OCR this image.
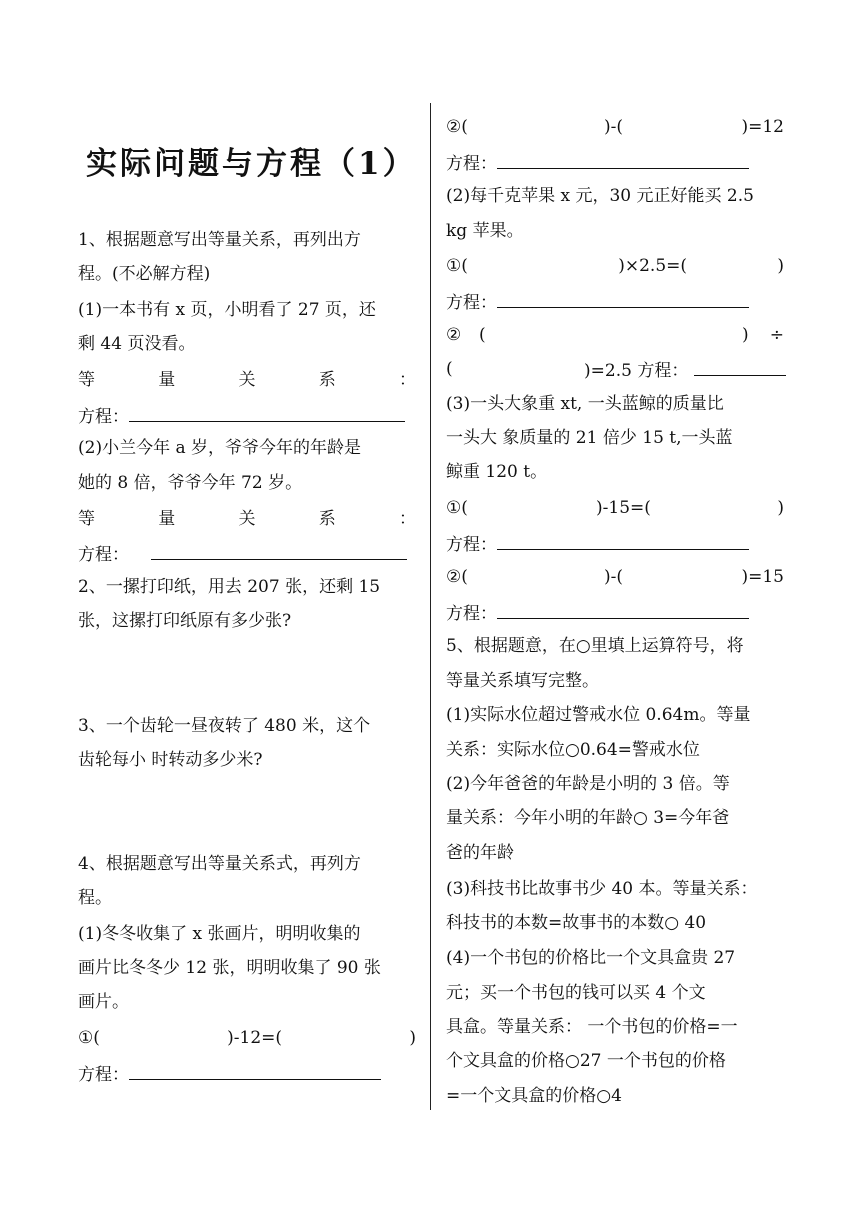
实际问题与方程（1）
1、根据题意写出等量关系，再列出方
程。(不必解方程)
(1)一本书有 x 页，小明看了 27 页，还
剩 44 页没看。
等	量	关	系	：
方程：
(2)小兰今年 a 岁，爷爷今年的年龄是
她的 8 倍，爷爷今年 72 岁。
等	量	关	系	：
方程：
2、一摞打印纸，用去 207 张，还剩 15
张，这摞打印纸原有多少张?
3、一个齿轮一昼夜转了 480 米，这个
齿轮每小 时转动多少米?
4、根据题意写出等量关系式，再列方
程。
(1)冬冬收集了 x 张画片，明明收集的
画片比冬冬少 12 张，明明收集了 90 张
画片。
①(	)-12=(	)
方程：
②(	)-(	)=12
方程：
(2)每千克苹果 x 元，30 元正好能买 2.5
kg 苹果。
①(	)×2.5=(	)
方程：
② (	) ÷
(	)=2.5 方程：
(3)一头大象重 xt, 一头蓝鲸的质量比
一头大 象质量的 21 倍少 15 t,一头蓝
鲸重 120 t。
①(	)-15=(	)
方程：
②(	)-(	)=15
方程：
5、根据题意，在○里填上运算符号，将
等量关系填写完整。
(1)实际水位超过警戒水位 0.64m。等量
关系：实际水位○0.64=警戒水位
(2)今年爸爸的年龄是小明的 3 倍。等
量关系：今年小明的年龄○ 3=今年爸
爸的年龄
(3)科技书比故事书少 40 本。等量关系：
科技书的本数=故事书的本数○ 40
(4)一个书包的价格比一个文具盒贵 27
元；买一个书包的钱可以买 4 个文
具盒。等量关系： 一个书包的价格=一
个文具盒的价格○27 一个书包的价格
=一个文具盒的价格○4
